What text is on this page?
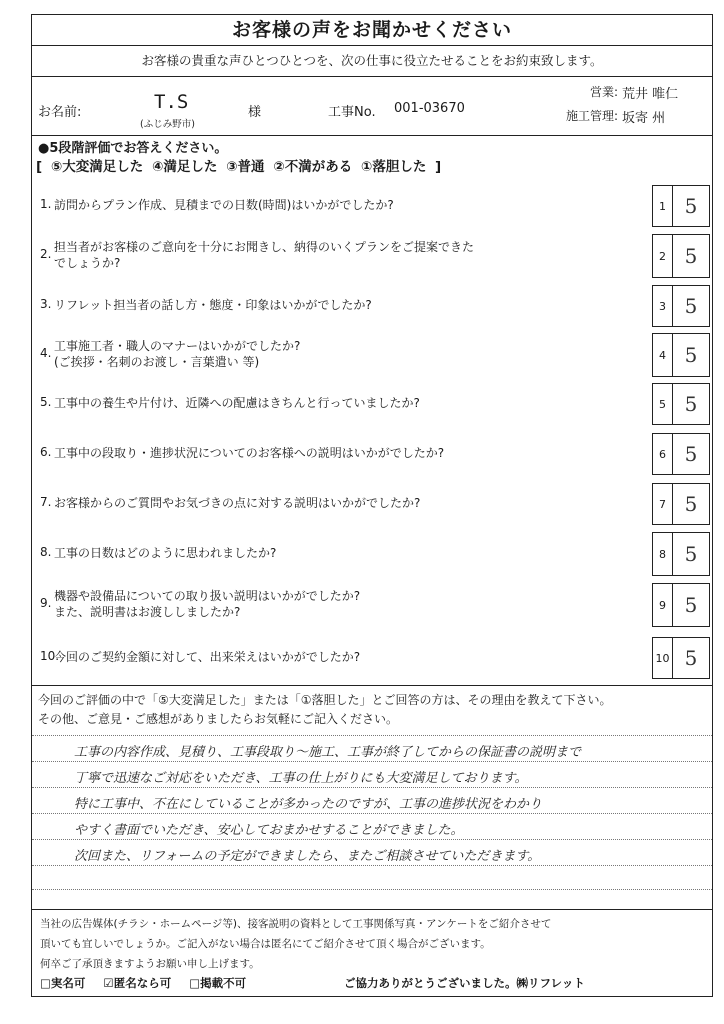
お客様の声をお聞かせください
お客様の貴重な声ひとつひとつを、次の仕事に役立たせることをお約束致します。
お名前:	T.S
(ふじみ野市)
様	工事No. 001-03670
営業: 荒井 唯仁
施工管理: 坂寄 州
●5段階評価でお答えください。
[ ⑤大変満足した ④満足した ③普通 ②不満がある ①落胆した ]
1. 訪問からプラン作成、見積までの日数(時間)はいかがでしたか?	1 5
2. 担当者がお客様のご意向を十分にお聞きし、納得のいくプランをご提案できた
でしょうか?	2 5
3. リフレット担当者の話し方・態度・印象はいかがでしたか?	3 5
4. 工事施工者・職人のマナーはいかがでしたか?
(ご挨拶・名刺のお渡し・言葉遣い 等)	4 5
5. 工事中の養生や片付け、近隣への配慮はきちんと行っていましたか?	5 5
6. 工事中の段取り・進捗状況についてのお客様への説明はいかがでしたか?	6 5
7. お客様からのご質問やお気づきの点に対する説明はいかがでしたか?	7 5
8. 工事の日数はどのように思われましたか?	8 5
9. 機器や設備品についての取り扱い説明はいかがでしたか?
また、説明書はお渡ししましたか?	9 5
10.
今回のご契約金額に対して、出来栄えはいかがでしたか?	10 5
今回のご評価の中で「⑤大変満足した」または「①落胆した」とご回答の方は、その理由を教えて下さい。
その他、ご意見・ご感想がありましたらお気軽にご記入ください。
工事の内容作成、見積り、工事段取り〜施工、工事が終了してからの保証書の説明まで
丁寧で迅速なご対応をいただき、工事の仕上がりにも大変満足しております。
特に工事中、不在にしていることが多かったのですが、工事の進捗状況をわかり
やすく書面でいただき、安心しておまかせすることができました。
次回また、リフォームの予定ができましたら、またご相談させていただきます。
当社の広告媒体(チラシ・ホームページ等)、接客説明の資料として工事関係写真・アンケートをご紹介させて
頂いても宜しいでしょうか。ご記入がない場合は匿名にてご紹介させて頂く場合がございます。
何卒ご了承頂きますようお願い申し上げます。
□実名可 ☑匿名なら可 □掲載不可	ご協力ありがとうございました。㈱リフレット
